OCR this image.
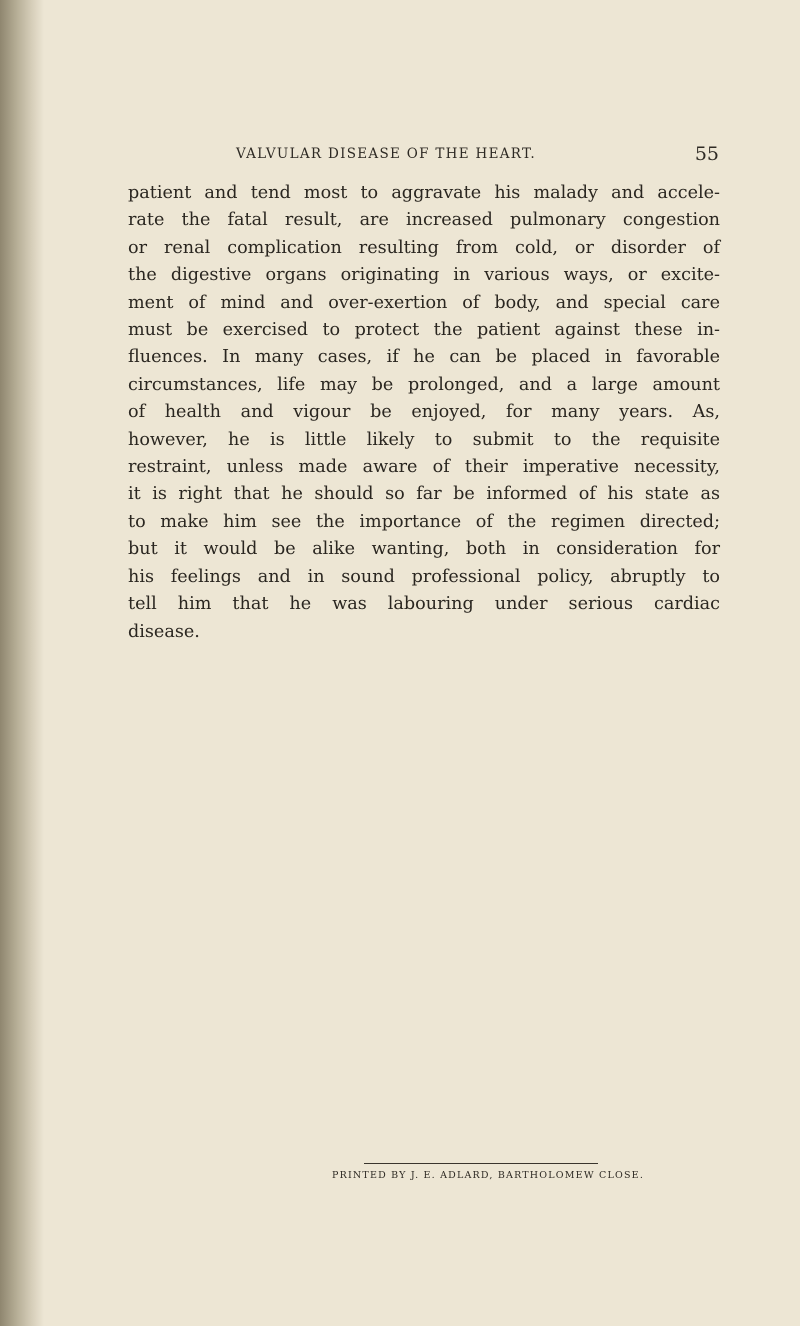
VALVULAR DISEASE OF THE HEART.	55
patient and tend most to aggravate his malady and accele-
rate the fatal result, are increased pulmonary congestion
or renal complication resulting from cold, or disorder of
the digestive organs originating in various ways, or excite-
ment of mind and over-exertion of body, and special care
must be exercised to protect the patient against these in-
fluences. In many cases, if he can be placed in favorable
circumstances, life may be prolonged, and a large amount
of health and vigour be enjoyed, for many years. As,
however, he is little likely to submit to the requisite
restraint, unless made aware of their imperative necessity,
it is right that he should so far be informed of his state as
to make him see the importance of the regimen directed;
but it would be alike wanting, both in consideration for
his feelings and in sound professional policy, abruptly to
tell him that he was labouring under serious cardiac
disease.
PRINTED BY J. E. ADLARD, BARTHOLOMEW CLOSE.
